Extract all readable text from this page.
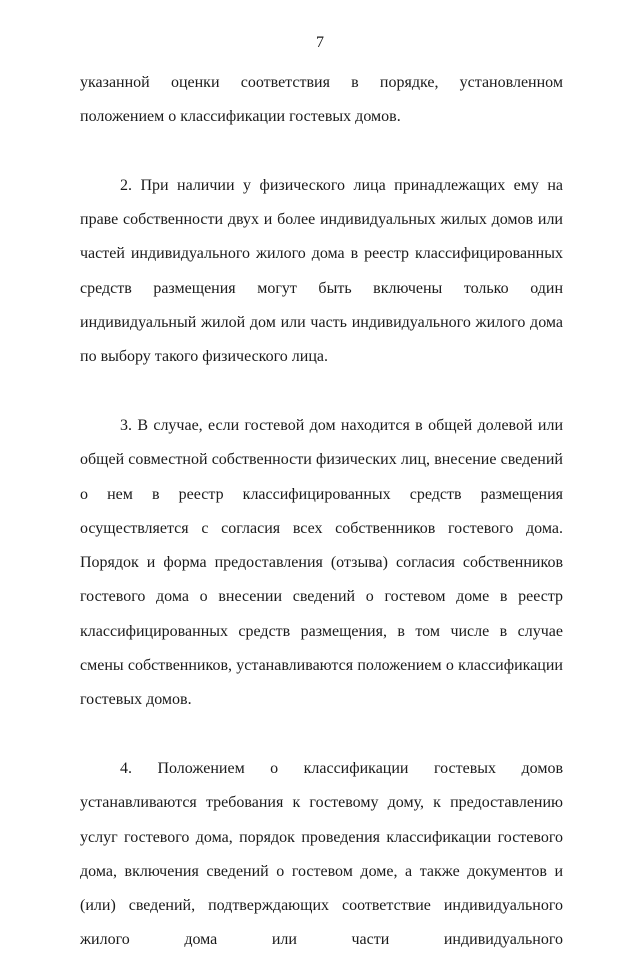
7

указанной оценки соответствия в порядке, установленном положением о классификации гостевых домов.

2. При наличии у физического лица принадлежащих ему на праве собственности двух и более индивидуальных жилых домов или частей индивидуального жилого дома в реестр классифицированных средств размещения могут быть включены только один индивидуальный жилой дом или часть индивидуального жилого дома по выбору такого физического лица.

3. В случае, если гостевой дом находится в общей долевой или общей совместной собственности физических лиц, внесение сведений о нем в реестр классифицированных средств размещения осуществляется с согласия всех собственников гостевого дома. Порядок и форма предоставления (отзыва) согласия собственников гостевого дома о внесении сведений о гостевом доме в реестр классифицированных средств размещения, в том числе в случае смены собственников, устанавливаются положением о классификации гостевых домов.

4. Положением о классификации гостевых домов устанавливаются требования к гостевому дому, к предоставлению услуг гостевого дома, порядок проведения классификации гостевого дома, включения сведений о гостевом доме, а также документов и (или) сведений, подтверждающих соответствие индивидуального жилого дома или части индивидуального
